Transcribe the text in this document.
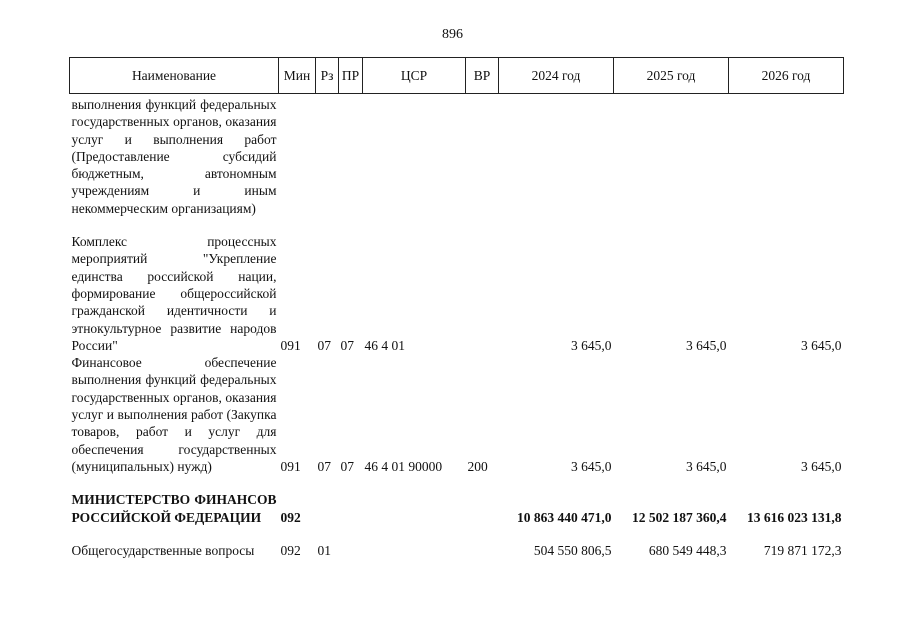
896
Наименование	Мин	Рз	ПР	ЦСР	ВР	2024 год	2025 год	2026 год
выполнения функций федеральных государственных органов, оказания услуг и выполнения работ (Предоставление субсидий бюджетным, автономным учреждениям и иным некоммерческим организациям)								
Комплекс процессных мероприятий "Укрепление единства российской нации, формирование общероссийской гражданской идентичности и этнокультурное развитие народов России"	091	07	07	46 4 01		3 645,0	3 645,0	3 645,0
Финансовое обеспечение выполнения функций федеральных государственных органов, оказания услуг и выполнения работ (Закупка товаров, работ и услуг для обеспечения государственных (муниципальных) нужд)	091	07	07	46 4 01 90000	200	3 645,0	3 645,0	3 645,0
МИНИСТЕРСТВО ФИНАНСОВ РОССИЙСКОЙ ФЕДЕРАЦИИ	092					10 863 440 471,0	12 502 187 360,4	13 616 023 131,8
Общегосударственные вопросы	092	01				504 550 806,5	680 549 448,3	719 871 172,3
